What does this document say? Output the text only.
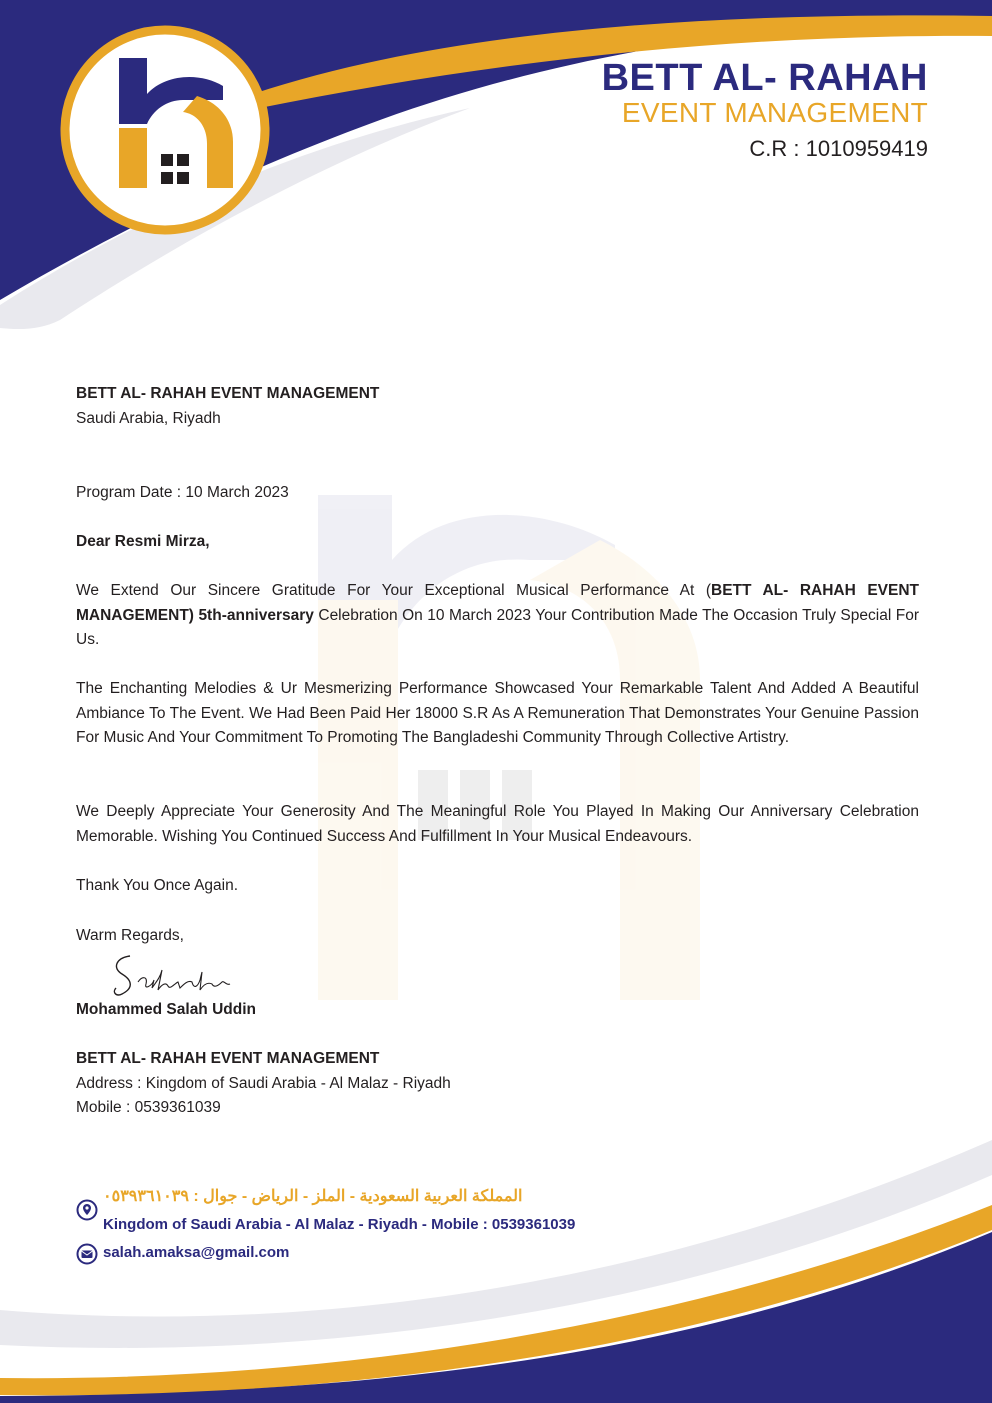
BETT AL- RAHAH
EVENT MANAGEMENT
C.R : 1010959419
BETT AL- RAHAH EVENT MANAGEMENT
Saudi Arabia, Riyadh
Program Date : 10 March 2023
Dear Resmi Mirza,
We Extend Our Sincere Gratitude For Your Exceptional Musical Performance At (BETT AL- RAHAH EVENT MANAGEMENT) 5th-anniversary Celebration On 10 March 2023 Your Contribution Made The Occasion Truly Special For Us.
The Enchanting Melodies & Ur Mesmerizing Performance Showcased Your Remarkable Talent And Added A Beautiful Ambiance To The Event. We Had Been Paid Her 18000 S.R As A Remuneration That Demonstrates Your Genuine Passion For Music And Your Commitment To Promoting The Bangladeshi Community Through Collective Artistry.
We Deeply Appreciate Your Generosity And The Meaningful Role You Played In Making Our Anniversary Celebration Memorable. Wishing You Continued Success And Fulfillment In Your Musical Endeavours.
Thank You Once Again.
Warm Regards,
Mohammed Salah Uddin
BETT AL- RAHAH EVENT MANAGEMENT
Address : Kingdom of Saudi Arabia - Al Malaz - Riyadh
Mobile : 0539361039
المملكة العربية السعودية - الملز - الرياض - جوال : ٠٥٣٩٣٦١٠٣٩
Kingdom of Saudi Arabia - Al Malaz - Riyadh - Mobile : 0539361039
salah.amaksa@gmail.com
